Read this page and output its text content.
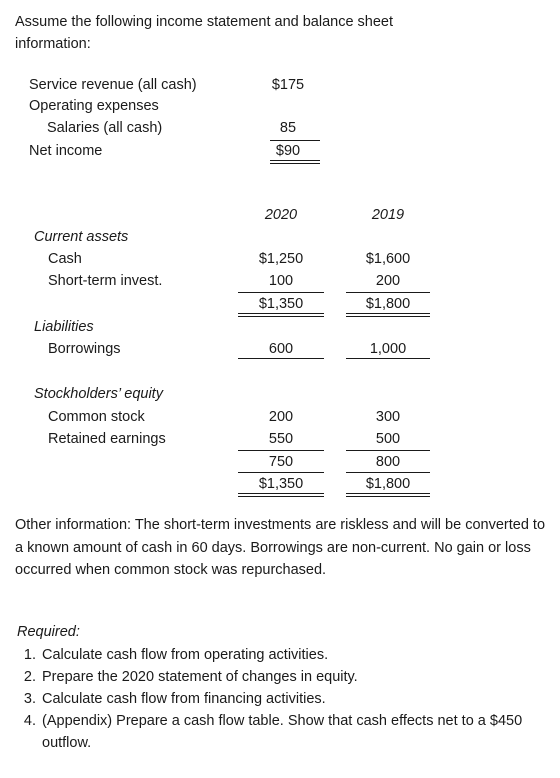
Assume the following income statement and balance sheet
information:
Service revenue (all cash)	$175
Operating expenses
Salaries (all cash)	85
Net income	$90
2020	2019
Current assets
Cash	$1,250	$1,600
Short-term invest.	100	200
$1,350	$1,800
Liabilities
Borrowings	600	1,000
Stockholders’ equity
Common stock	200	300
Retained earnings	550	500
750	800
$1,350	$1,800
Other information: The short-term investments are riskless and will be converted to a known amount of cash in 60 days. Borrowings are non-current. No gain or loss occurred when common stock was repurchased.
Required:
1. Calculate cash flow from operating activities.
2. Prepare the 2020 statement of changes in equity.
3. Calculate cash flow from financing activities.
4. (Appendix) Prepare a cash flow table. Show that cash effects net to a $450 outflow.
